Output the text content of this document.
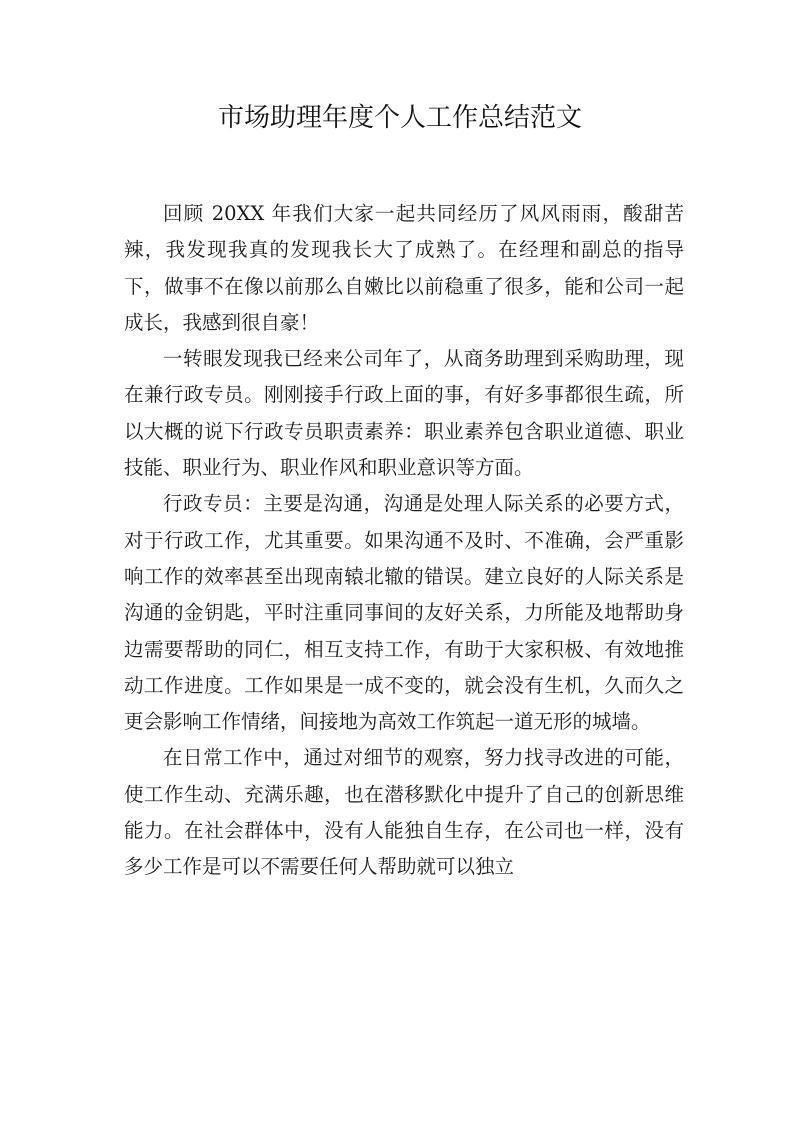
市场助理年度个人工作总结范文

回顾 20XX 年我们大家一起共同经历了风风雨雨，酸甜苦辣，我发现我真的发现我长大了成熟了。在经理和副总的指导下，做事不在像以前那么自嫩比以前稳重了很多，能和公司一起成长，我感到很自豪！

一转眼发现我已经来公司年了，从商务助理到采购助理，现在兼行政专员。刚刚接手行政上面的事，有好多事都很生疏，所以大概的说下行政专员职责素养：职业素养包含职业道德、职业技能、职业行为、职业作风和职业意识等方面。

行政专员：主要是沟通，沟通是处理人际关系的必要方式，对于行政工作，尤其重要。如果沟通不及时、不准确，会严重影响工作的效率甚至出现南辕北辙的错误。建立良好的人际关系是沟通的金钥匙，平时注重同事间的友好关系，力所能及地帮助身边需要帮助的同仁，相互支持工作，有助于大家积极、有效地推动工作进度。工作如果是一成不变的，就会没有生机，久而久之更会影响工作情绪，间接地为高效工作筑起一道无形的城墙。

在日常工作中，通过对细节的观察，努力找寻改进的可能，使工作生动、充满乐趣，也在潜移默化中提升了自己的创新思维能力。在社会群体中，没有人能独自生存，在公司也一样，没有多少工作是可以不需要任何人帮助就可以独立
